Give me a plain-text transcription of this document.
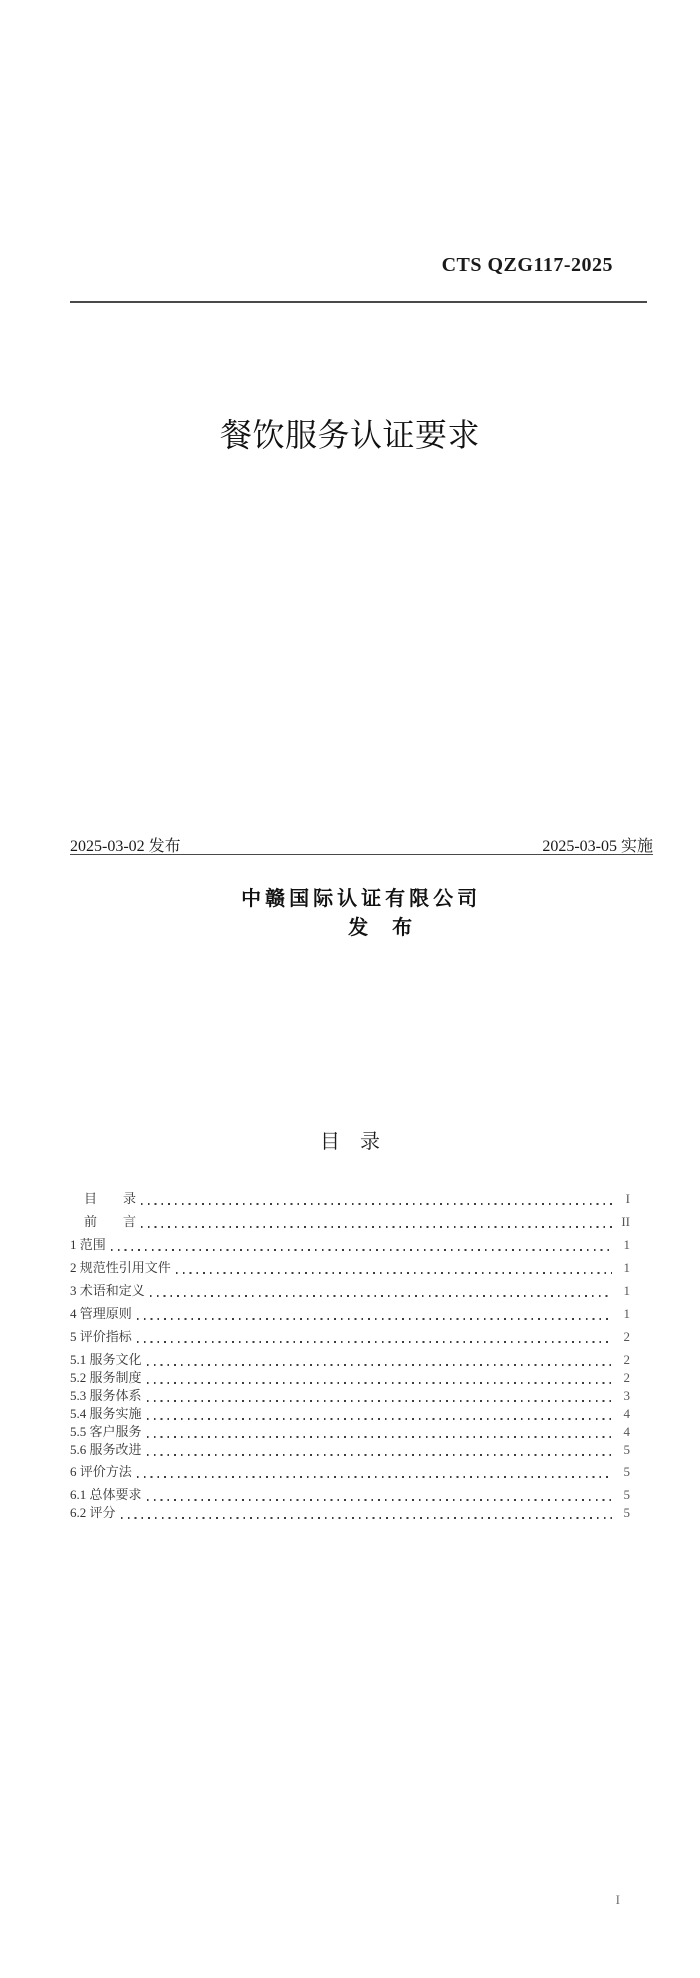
CTS QZG117-2025
餐饮服务认证要求
2025-03-02 发布	2025-03-05 实施

中赣国际认证有限公司
发　布

目　录
目　　录	I
前　　言	II
1 范围	1
2 规范性引用文件	1
3 术语和定义	1
4 管理原则	1
5 评价指标	2
5.1 服务文化	2
5.2 服务制度	2
5.3 服务体系	3
5.4 服务实施	4
5.5 客户服务	4
5.6 服务改进	5
6 评价方法	5
6.1 总体要求	5
6.2 评分	5
I
